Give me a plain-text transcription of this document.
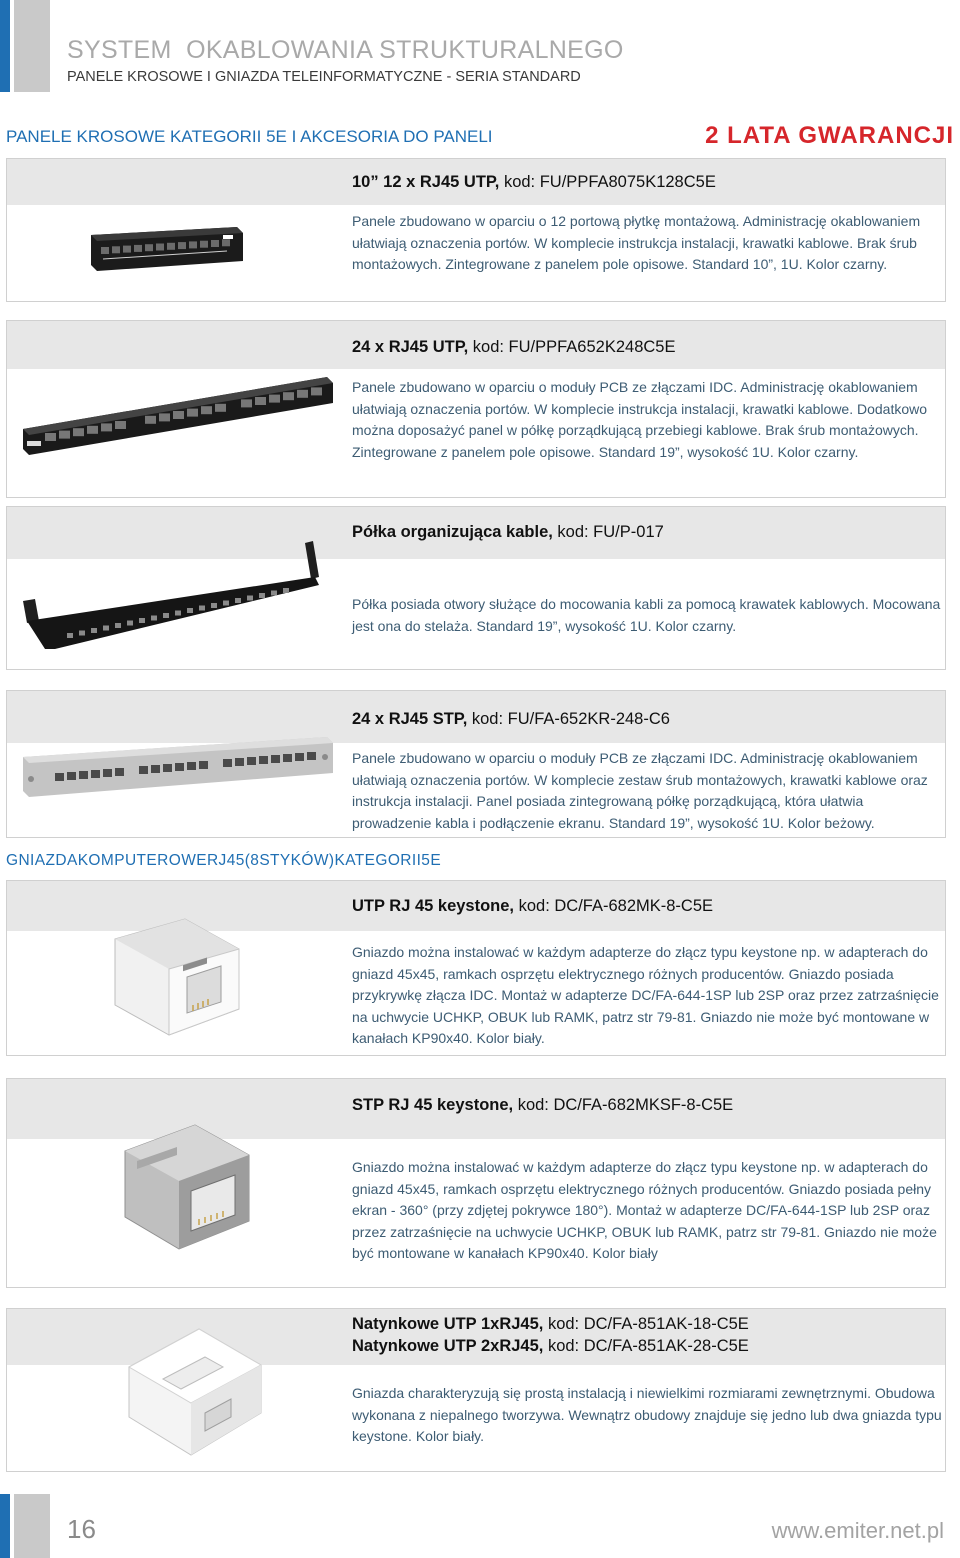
SYSTEM  OKABLOWANIA STRUKTURALNEGO
PANELE KROSOWE I GNIAZDA TELEINFORMATYCZNE - SERIA STANDARD
PANELE KROSOWE KATEGORII 5E I AKCESORIA DO PANELI	2 LATA GWARANCJI
10” 12 x RJ45 UTP, kod: FU/PPFA8075K128C5E
Panele zbudowano w oparciu o 12 portową płytkę montażową. Administrację okablowaniem ułatwiają oznaczenia portów. W komplecie instrukcja instalacji, krawatki kablowe. Brak śrub montażowych. Zintegrowane z panelem pole opisowe. Standard 10”, 1U. Kolor czarny.
24 x RJ45 UTP, kod: FU/PPFA652K248C5E
Panele zbudowano w oparciu o moduły PCB ze złączami IDC. Administrację okablowaniem ułatwiają oznaczenia portów. W komplecie instrukcja instalacji, krawatki kablowe. Dodatkowo można doposażyć panel w półkę porządkującą przebiegi kablowe. Brak śrub montażowych. Zintegrowane z panelem pole opisowe. Standard 19”, wysokość 1U. Kolor czarny.
Półka organizująca kable, kod: FU/P-017
Półka posiada otwory służące do mocowania kabli za pomocą krawatek kablowych. Mocowana jest ona do stelaża. Standard 19”, wysokość 1U. Kolor czarny.
24 x RJ45 STP, kod: FU/FA-652KR-248-C6
Panele zbudowano w oparciu o moduły PCB ze złączami IDC. Administrację okablowaniem ułatwiają oznaczenia portów. W komplecie zestaw śrub montażowych, krawatki kablowe oraz instrukcja instalacji. Panel posiada zintegrowaną półkę porządkującą, która ułatwia prowadzenie kabla i podłączenie ekranu. Standard 19”, wysokość 1U. Kolor beżowy.
GNIAZDAKOMPUTEROWERJ45(8STYKÓW)KATEGORII5E
UTP RJ 45 keystone, kod: DC/FA-682MK-8-C5E
Gniazdo można instalować w każdym adapterze do złącz typu keystone np. w adapterach do gniazd 45x45, ramkach osprzętu elektrycznego różnych producentów. Gniazdo posiada przykrywkę złącza IDC. Montaż w adapterze DC/FA-644-1SP lub 2SP oraz przez zatrzaśnięcie na uchwycie UCHKP, OBUK lub RAMK, patrz str 79-81. Gniazdo nie może być montowane w kanałach KP90x40. Kolor biały.
STP RJ 45 keystone, kod: DC/FA-682MKSF-8-C5E
Gniazdo można instalować w każdym adapterze do złącz typu keystone np. w adapterach do gniazd 45x45, ramkach osprzętu elektrycznego różnych producentów. Gniazdo posiada pełny ekran - 360° (przy zdjętej pokrywce 180°). Montaż w adapterze DC/FA-644-1SP lub 2SP oraz przez zatrzaśnięcie na uchwycie UCHKP, OBUK lub RAMK, patrz str 79-81. Gniazdo nie może być montowane w kanałach KP90x40. Kolor biały
Natynkowe UTP 1xRJ45, kod: DC/FA-851AK-18-C5E
Natynkowe UTP 2xRJ45, kod: DC/FA-851AK-28-C5E
Gniazda charakteryzują się prostą instalacją i niewielkimi rozmiarami zewnętrznymi. Obudowa wykonana z niepalnego tworzywa. Wewnątrz obudowy znajduje się jedno lub dwa gniazda typu keystone. Kolor biały.
16	www.emiter.net.pl
